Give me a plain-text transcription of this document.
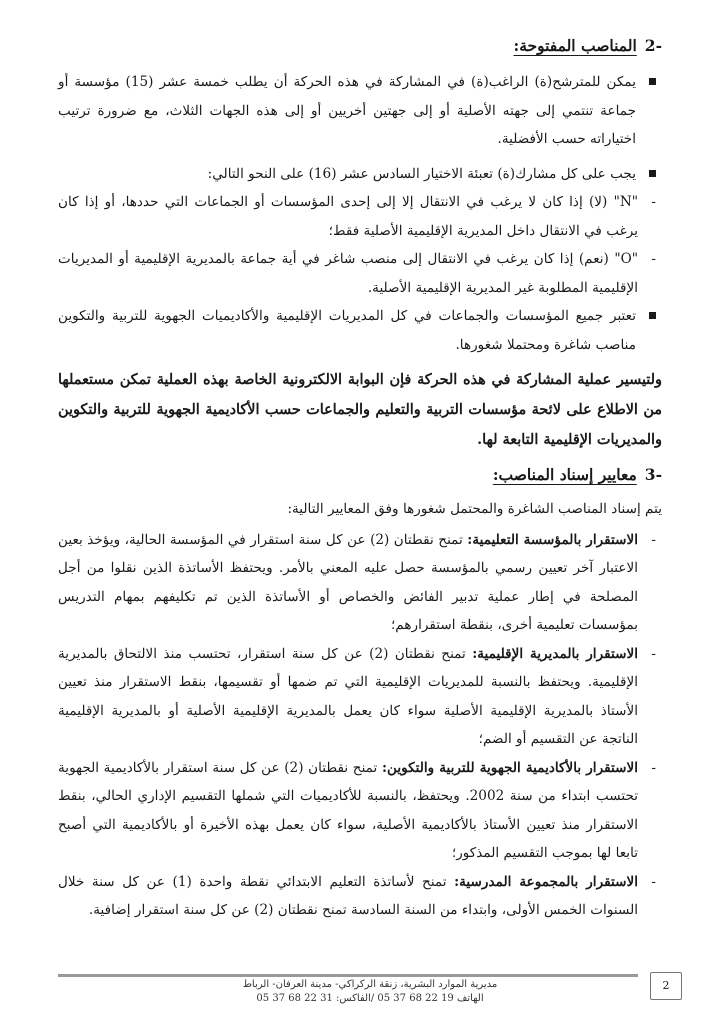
-2المناصب المفتوحة:

يمكن للمترشح(ة) الراغب(ة) في المشاركة في هذه الحركة أن يطلب خمسة عشر (15) مؤسسة أو جماعة تنتمي إلى جهته الأصلية أو إلى جهتين أخريين أو إلى هذه الجهات الثلاث، مع ضرورة ترتيب اختياراته حسب الأفضلية.

يجب على كل مشارك(ة) تعبئة الاختيار السادس عشر (16) على النحو التالي:

-
"N" (لا) إذا كان لا يرغب في الانتقال إلا إلى إحدى المؤسسات أو الجماعات التي حددها، أو إذا كان يرغب في الانتقال داخل المديرية الإقليمية الأصلية فقط؛

-
"O" (نعم) إذا كان يرغب في الانتقال إلى منصب شاغر في أية جماعة بالمديرية الإقليمية أو المديريات الإقليمية المطلوبة غير المديرية الإقليمية الأصلية.

تعتبر جميع المؤسسات والجماعات في كل المديريات الإقليمية والأكاديميات الجهوية للتربية والتكوين مناصب شاغرة ومحتملا شغورها.

ولتيسير عملية المشاركة في هذه الحركة فإن البوابة الالكترونية الخاصة بهذه العملية تمكن مستعملها من الاطلاع على لائحة مؤسسات التربية والتعليم والجماعات حسب الأكاديمية الجهوية للتربية والتكوين والمديريات الإقليمية التابعة لها.

-3معايير إسناد المناصب:

يتم إسناد المناصب الشاغرة والمحتمل شغورها وفق المعايير التالية:

-
الاستقرار بالمؤسسة التعليمية: تمنح نقطتان (2) عن كل سنة استقرار في المؤسسة الحالية، ويؤخذ بعين الاعتبار آخر تعيين رسمي بالمؤسسة حصل عليه المعني بالأمر. ويحتفظ الأساتذة الذين نقلوا من أجل المصلحة في إطار عملية تدبير الفائض والخصاص أو الأساتذة الذين تم تكليفهم بمهام التدريس بمؤسسات تعليمية أخرى، بنقطة استقرارهم؛

-
الاستقرار بالمديرية الإقليمية: تمنح نقطتان (2) عن كل سنة استقرار، تحتسب منذ الالتحاق بالمديرية الإقليمية. ويحتفظ بالنسبة للمديريات الإقليمية التي تم ضمها أو تقسيمها، بنقط الاستقرار منذ تعيين الأستاذ بالمديرية الإقليمية الأصلية سواء كان يعمل بالمديرية الإقليمية الأصلية أو بالمديرية الإقليمية الناتجة عن التقسيم أو الضم؛

-
الاستقرار بالأكاديمية الجهوية للتربية والتكوين: تمنح نقطتان (2) عن كل سنة استقرار بالأكاديمية الجهوية تحتسب ابتداء من سنة 2002. ويحتفظ، بالنسبة للأكاديميات التي شملها التقسيم الإداري الحالي، بنقط الاستقرار منذ تعيين الأستاذ بالأكاديمية الأصلية، سواء كان يعمل بهذه الأخيرة أو بالأكاديمية التي أصبح تابعا لها بموجب التقسيم المذكور؛

-
الاستقرار بالمجموعة المدرسية: تمنح لأساتذة التعليم الابتدائي نقطة واحدة (1) عن كل سنة خلال السنوات الخمس الأولى، وابتداء من السنة السادسة تمنح نقطتان (2) عن كل سنة استقرار إضافية.

مديرية الموارد البشرية، زنقة الركراكي- مدينة العرفان- الرباط
الهاتف 19 22 68 37 05 /الفاكس: 31 22 68 37 05
2
